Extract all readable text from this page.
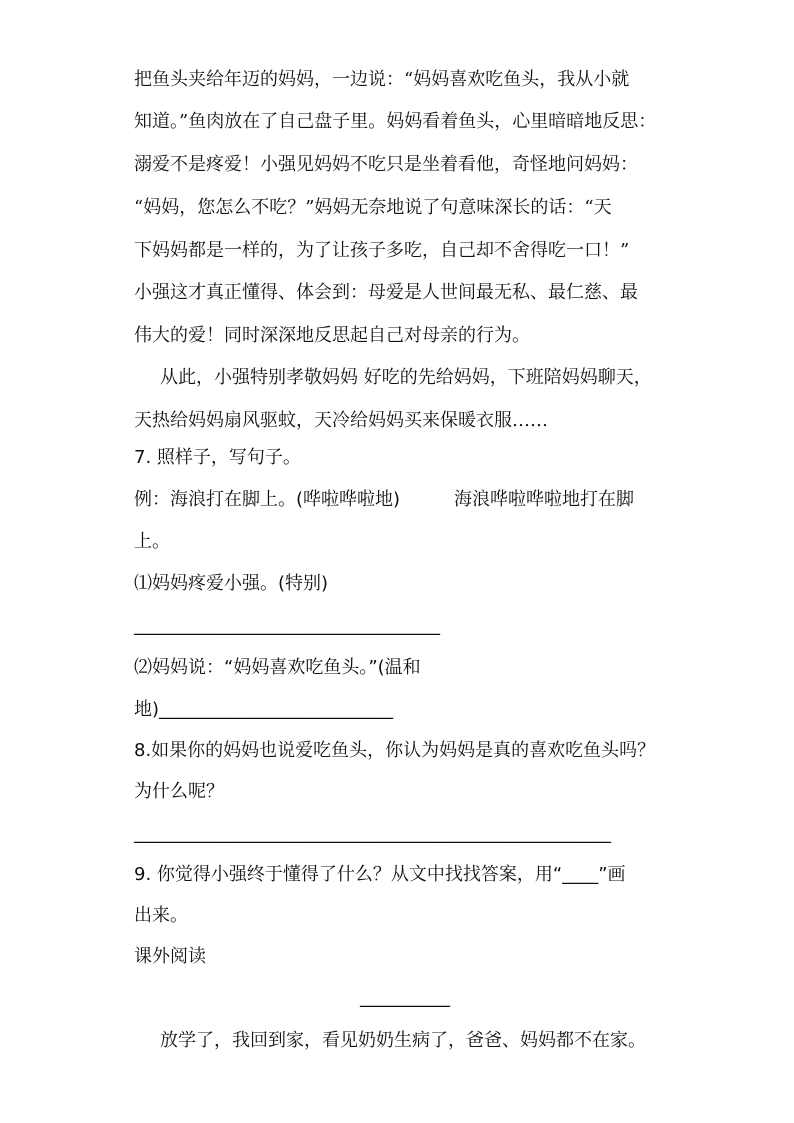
把鱼头夹给年迈的妈妈，一边说：“妈妈喜欢吃鱼头，我从小就
知道。”鱼肉放在了自己盘子里。妈妈看着鱼头，心里暗暗地反思：
溺爱不是疼爱！小强见妈妈不吃只是坐着看他，奇怪地问妈妈：
“妈妈，您怎么不吃？”妈妈无奈地说了句意味深长的话：“天
下妈妈都是一样的，为了让孩子多吃，自己却不舍得吃一口！”
小强这才真正懂得、体会到：母爱是人世间最无私、最仁慈、最
伟大的爱！同时深深地反思起自己对母亲的行为。
从此，小强特别孝敬妈妈 好吃的先给妈妈，下班陪妈妈聊天，
天热给妈妈扇风驱蚊，天冷给妈妈买来保暖衣服……
7. 照样子，写句子。
例：海浪打在脚上。(哗啦哗啦地)　　　海浪哗啦哗啦地打在脚
上。
⑴妈妈疼爱小强。(特别)
__________________________________
⑵妈妈说：“妈妈喜欢吃鱼头。”(温和
地)__________________________
8.如果你的妈妈也说爱吃鱼头，你认为妈妈是真的喜欢吃鱼头吗？
为什么呢？
_____________________________________________________
9. 你觉得小强终于懂得了什么？从文中找找答案，用“____”画
出来。
课外阅读
__________
放学了，我回到家，看见奶奶生病了，爸爸、妈妈都不在家。
